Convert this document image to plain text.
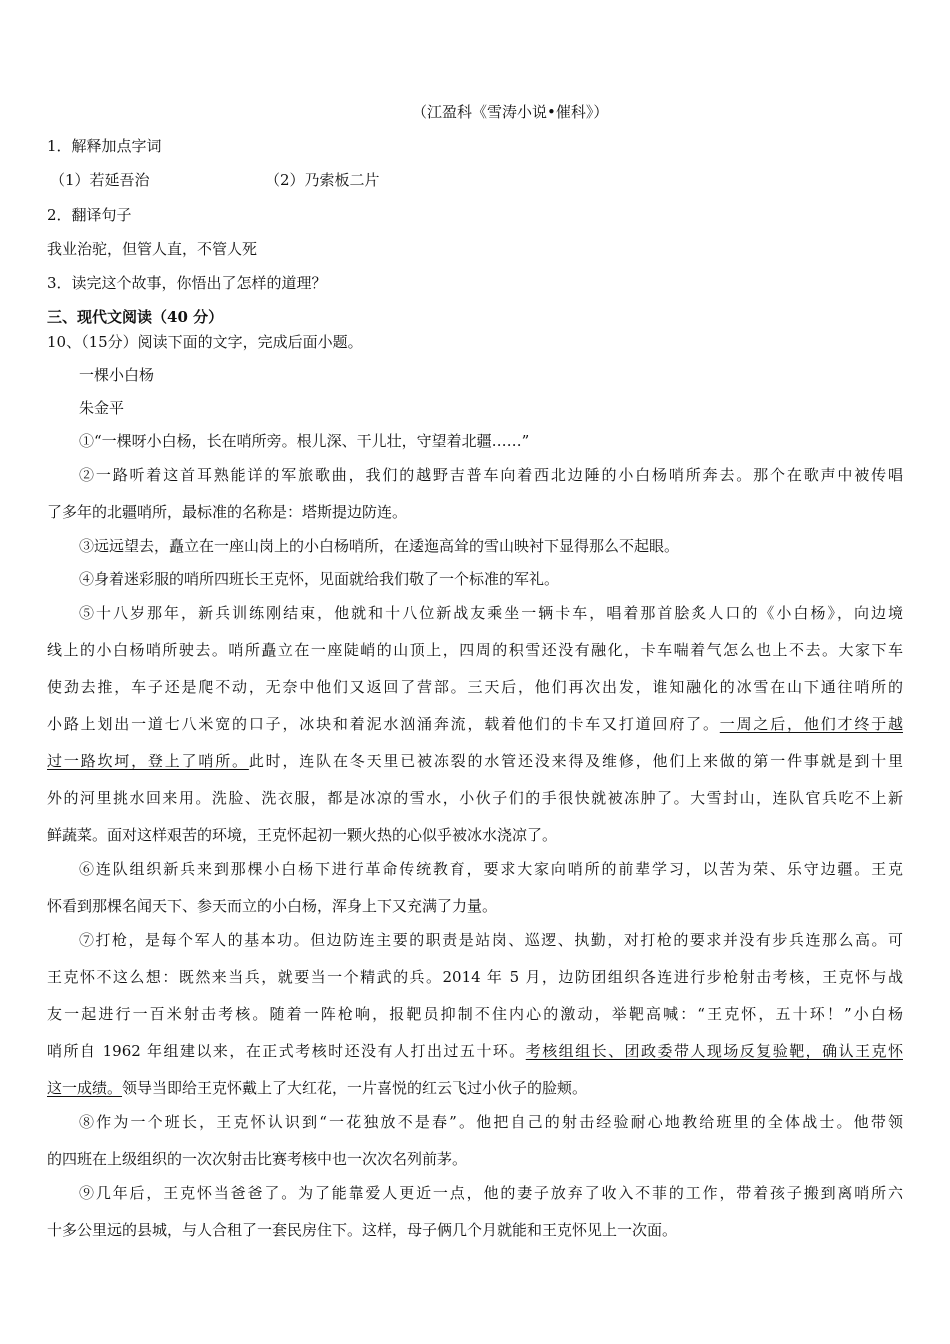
（江盈科《雪涛小说•催科》）
1．解释加点字词
（1）若延吾治	（2）乃索板二片
2．翻译句子
我业治驼，但管人直，不管人死
3．读完这个故事，你悟出了怎样的道理？
三、现代文阅读（40 分）
10、（15分）阅读下面的文字，完成后面小题。
一棵小白杨
朱金平
①“一棵呀小白杨，长在哨所旁。根儿深、干儿壮，守望着北疆……”
②一路听着这首耳熟能详的军旅歌曲，我们的越野吉普车向着西北边陲的小白杨哨所奔去。那个在歌声中被传唱
了多年的北疆哨所，最标准的名称是：塔斯提边防连。
③远远望去，矗立在一座山岗上的小白杨哨所，在逶迤高耸的雪山映衬下显得那么不起眼。
④身着迷彩服的哨所四班长王克怀，见面就给我们敬了一个标准的军礼。
⑤十八岁那年，新兵训练刚结束，他就和十八位新战友乘坐一辆卡车，唱着那首脍炙人口的《小白杨》，向边境
线上的小白杨哨所驶去。哨所矗立在一座陡峭的山顶上，四周的积雪还没有融化，卡车喘着气怎么也上不去。大家下车
使劲去推，车子还是爬不动，无奈中他们又返回了营部。三天后，他们再次出发，谁知融化的冰雪在山下通往哨所的
小路上划出一道七八米宽的口子，冰块和着泥水汹涌奔流，载着他们的卡车又打道回府了。一周之后，他们才终于越
过一路坎坷，登上了哨所。此时，连队在冬天里已被冻裂的水管还没来得及维修，他们上来做的第一件事就是到十里
外的河里挑水回来用。洗脸、洗衣服，都是冰凉的雪水，小伙子们的手很快就被冻肿了。大雪封山，连队官兵吃不上新
鲜蔬菜。面对这样艰苦的环境，王克怀起初一颗火热的心似乎被冰水浇凉了。
⑥连队组织新兵来到那棵小白杨下进行革命传统教育，要求大家向哨所的前辈学习，以苦为荣、乐守边疆。王克
怀看到那棵名闻天下、参天而立的小白杨，浑身上下又充满了力量。
⑦打枪，是每个军人的基本功。但边防连主要的职责是站岗、巡逻、执勤，对打枪的要求并没有步兵连那么高。可
王克怀不这么想：既然来当兵，就要当一个精武的兵。2014 年 5 月，边防团组织各连进行步枪射击考核，王克怀与战
友一起进行一百米射击考核。随着一阵枪响，报靶员抑制不住内心的激动，举靶高喊：“王克怀，五十环！”小白杨
哨所自 1962 年组建以来，在正式考核时还没有人打出过五十环。考核组组长、团政委带人现场反复验靶，确认王克怀
这一成绩。领导当即给王克怀戴上了大红花，一片喜悦的红云飞过小伙子的脸颊。
⑧作为一个班长，王克怀认识到“一花独放不是春”。他把自己的射击经验耐心地教给班里的全体战士。他带领
的四班在上级组织的一次次射击比赛考核中也一次次名列前茅。
⑨几年后，王克怀当爸爸了。为了能靠爱人更近一点，他的妻子放弃了收入不菲的工作，带着孩子搬到离哨所六
十多公里远的县城，与人合租了一套民房住下。这样，母子俩几个月就能和王克怀见上一次面。
